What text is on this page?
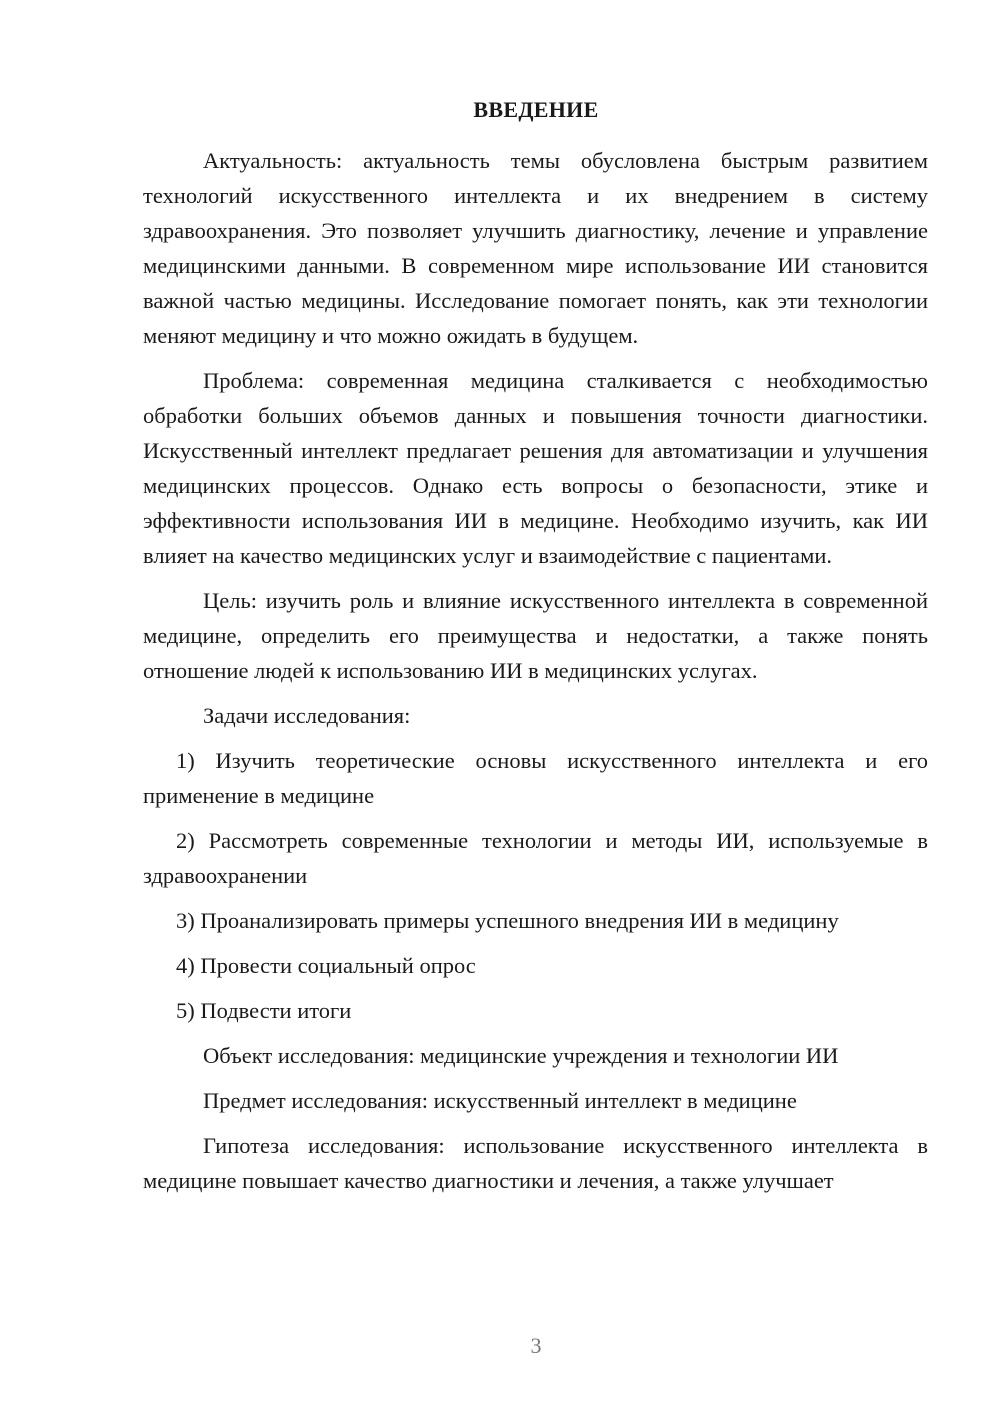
ВВЕДЕНИЕ

Актуальность: актуальность темы обусловлена быстрым развитием технологий искусственного интеллекта и их внедрением в систему здравоохранения. Это позволяет улучшить диагностику, лечение и управление медицинскими данными. В современном мире использование ИИ становится важной частью медицины. Исследование помогает понять, как эти технологии меняют медицину и что можно ожидать в будущем.

Проблема: современная медицина сталкивается с необходимостью обработки больших объемов данных и повышения точности диагностики. Искусственный интеллект предлагает решения для автоматизации и улучшения медицинских процессов. Однако есть вопросы о безопасности, этике и эффективности использования ИИ в медицине. Необходимо изучить, как ИИ влияет на качество медицинских услуг и взаимодействие с пациентами.

Цель: изучить роль и влияние искусственного интеллекта в современной медицине, определить его преимущества и недостатки, а также понять отношение людей к использованию ИИ в медицинских услугах.

Задачи исследования:

1) Изучить теоретические основы искусственного интеллекта и его применение в медицине

2) Рассмотреть современные технологии и методы ИИ, используемые в здравоохранении

3) Проанализировать примеры успешного внедрения ИИ в медицину

4) Провести социальный опрос

5) Подвести итоги

Объект исследования: медицинские учреждения и технологии ИИ

Предмет исследования: искусственный интеллект в медицине

Гипотеза исследования: использование искусственного интеллекта в медицине повышает качество диагностики и лечения, а также улучшает

3
